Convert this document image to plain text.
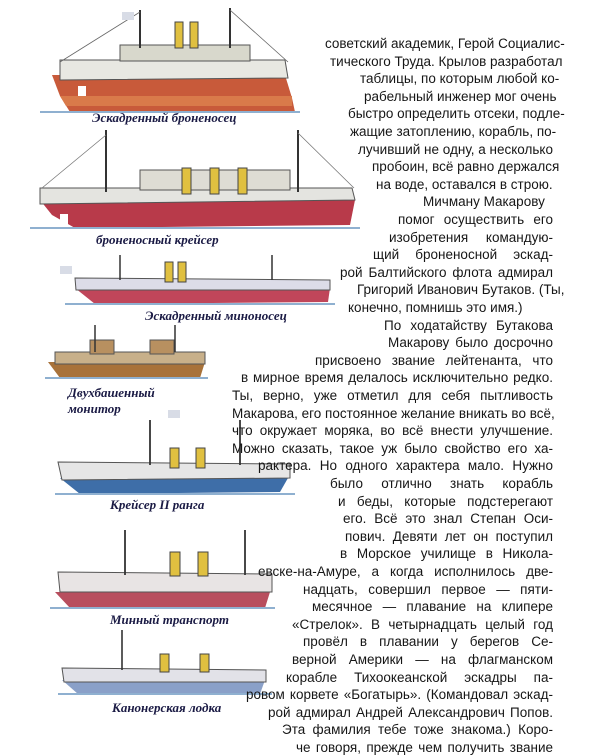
Эскадренный броненосец
броненосный крейсер
Эскадренный миноносец
Двухбашенный
монитор
Крейсер II ранга
Минный транспорт
Канонерская лодка
советский академик, Герой Социалис-
тического Труда. Крылов разработал
таблицы, по которым любой ко-
рабельный инженер мог очень
быстро определить отсеки, подле-
жащие затоплению, корабль, по-
лучивший не одну, а несколько
пробоин, всё равно держался
на воде, оставался в строю.
Мичману Макарову
помог осуществить его
изобретения командую-
щий броненосной эскад-
рой Балтийского флота адмирал
Григорий Иванович Бутаков. (Ты,
конечно, помнишь это имя.)
По ходатайству Бутакова
Макарову было досрочно
присвоено звание лейтенанта, что
в мирное время делалось исключительно редко.
Ты, верно, уже отметил для себя пытливость
Макарова, его постоянное желание вникать во всё,
что окружает моряка, во всё внести улучшение.
Можно сказать, такое уж было свойство его ха-
рактера. Но одного характера мало. Нужно
было отлично знать корабль
и беды, которые подстерегают
его. Всё это знал Степан Оси-
пович. Девяти лет он поступил
в Морское училище в Никола-
евске-на-Амуре, а когда исполнилось две-
надцать, совершил первое — пяти-
месячное — плавание на клипере
«Стрелок». В четырнадцать целый год
провёл в плавании у берегов Се-
верной Америки — на флагманском
корабле Тихоокеанской эскадры па-
ровом корвете «Богатырь». (Командовал эскад-
рой адмирал Андрей Александрович Попов.
Эта фамилия тебе тоже знакома.) Коро-
че говоря, прежде чем получить звание
